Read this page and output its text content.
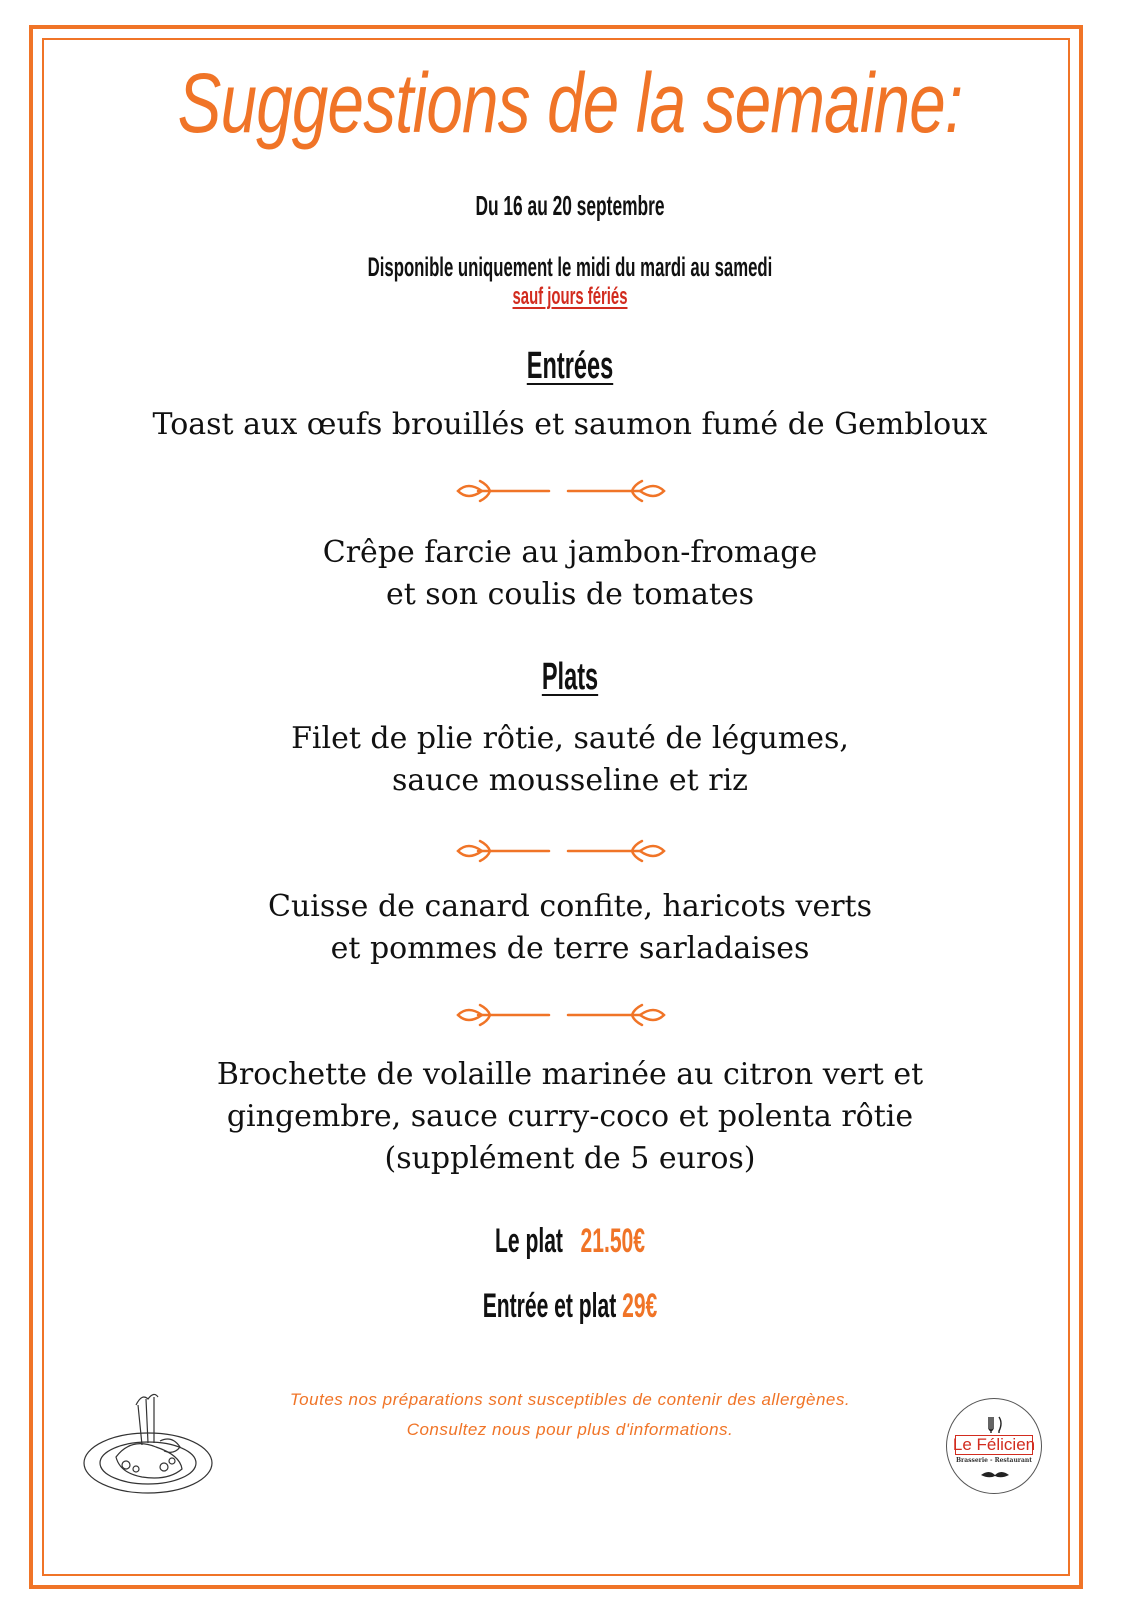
Suggestions de la semaine:
Du 16 au 20 septembre
Disponible uniquement le midi du mardi au samedi
sauf jours fériés
Entrées
Toast aux œufs brouillés et saumon fumé de Gembloux
Crêpe farcie au jambon-fromage
et son coulis de tomates
Plats
Filet de plie rôtie, sauté de légumes,
sauce mousseline et riz
Cuisse de canard confite, haricots verts
et pommes de terre sarladaises
Brochette de volaille marinée au citron vert et
gingembre, sauce curry-coco et polenta rôtie
(supplément de 5 euros)
Le plat 21.50€
Entrée et plat 29€
Toutes nos préparations sont susceptibles de contenir des allergènes.
Consultez nous pour plus d'informations.
Le Félicien
Brasserie - Restaurant
